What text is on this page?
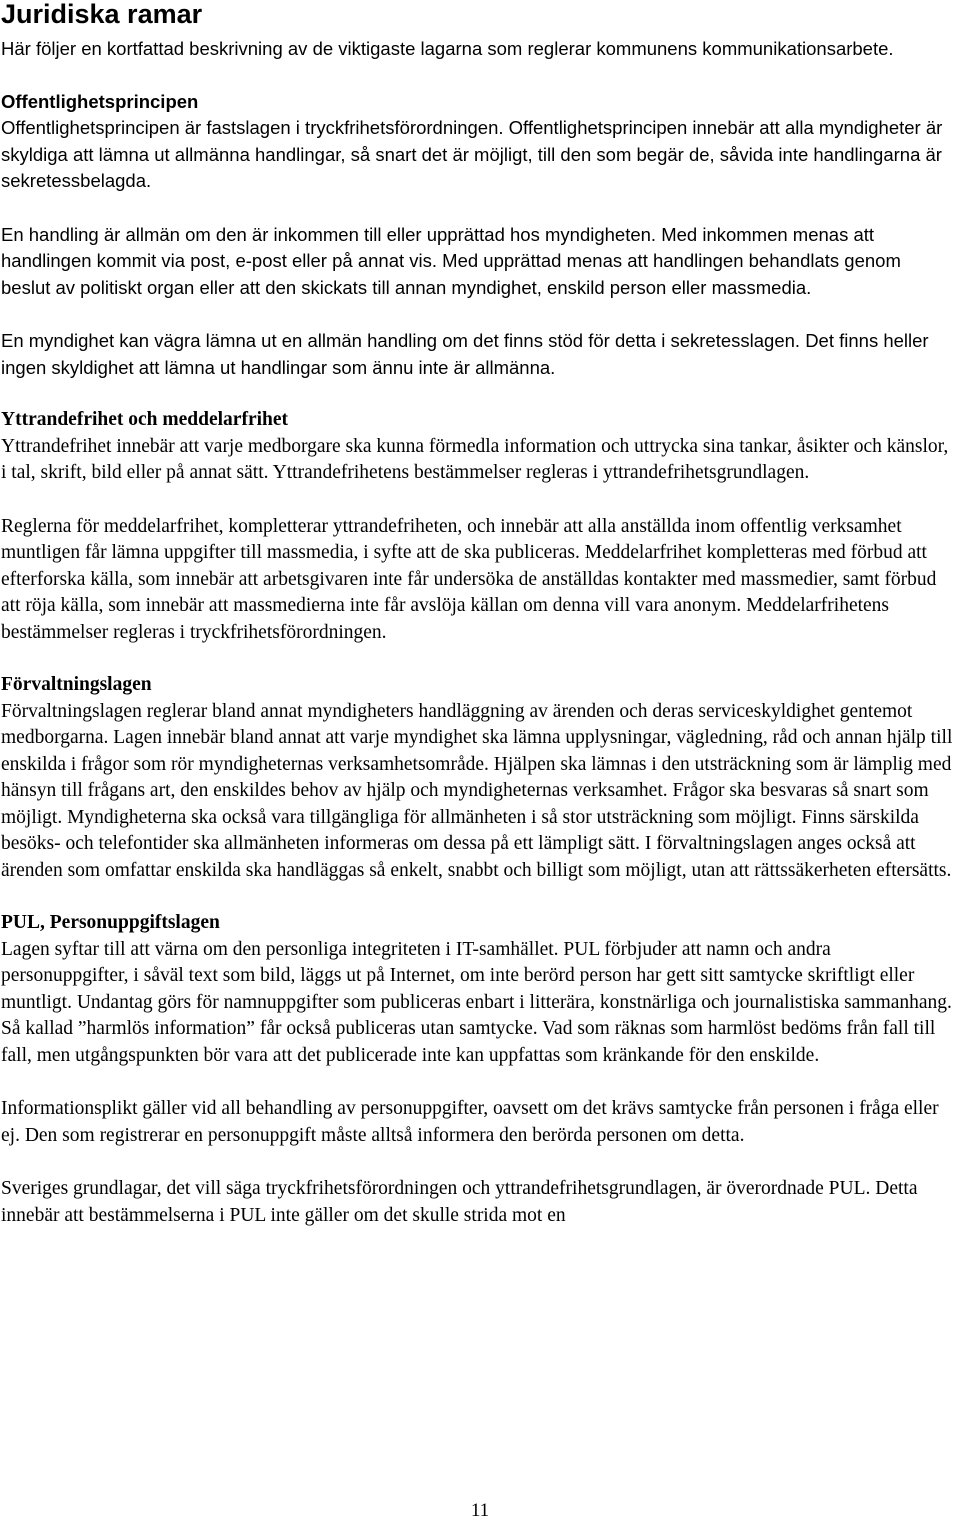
Juridiska ramar

Här följer en kortfattad beskrivning av de viktigaste lagarna som reglerar kommunens kommunikationsarbete.

Offentlighetsprincipen

Offentlighetsprincipen är fastslagen i tryckfrihetsförordningen. Offentlighetsprincipen innebär att alla myndigheter är skyldiga att lämna ut allmänna handlingar, så snart det är möjligt, till den som begär de, såvida inte handlingarna är sekretessbelagda.

En handling är allmän om den är inkommen till eller upprättad hos myndigheten. Med inkommen menas att handlingen kommit via post, e-post eller på annat vis. Med upprättad menas att handlingen behandlats genom beslut av politiskt organ eller att den skickats till annan myndighet, enskild person eller massmedia.

En myndighet kan vägra lämna ut en allmän handling om det finns stöd för detta i sekretesslagen. Det finns heller ingen skyldighet att lämna ut handlingar som ännu inte är allmänna.

Yttrandefrihet och meddelarfrihet

Yttrandefrihet innebär att varje medborgare ska kunna förmedla information och uttrycka sina tankar, åsikter och känslor, i tal, skrift, bild eller på annat sätt. Yttrandefrihetens bestämmelser regleras i yttrandefrihetsgrundlagen.

Reglerna för meddelarfrihet, kompletterar yttrandefriheten, och innebär att alla anställda inom offentlig verksamhet muntligen får lämna uppgifter till massmedia, i syfte att de ska publiceras. Meddelarfrihet kompletteras med förbud att efterforska källa, som innebär att arbetsgivaren inte får undersöka de anställdas kontakter med massmedier, samt förbud att röja källa, som innebär att massmedierna inte får avslöja källan om denna vill vara anonym. Meddelarfrihetens bestämmelser regleras i tryckfrihetsförordningen.

Förvaltningslagen

Förvaltningslagen reglerar bland annat myndigheters handläggning av ärenden och deras serviceskyldighet gentemot medborgarna. Lagen innebär bland annat att varje myndighet ska lämna upplysningar, vägledning, råd och annan hjälp till enskilda i frågor som rör myndigheternas verksamhetsområde. Hjälpen ska lämnas i den utsträckning som är lämplig med hänsyn till frågans art, den enskildes behov av hjälp och myndigheternas verksamhet. Frågor ska besvaras så snart som möjligt. Myndigheterna ska också vara tillgängliga för allmänheten i så stor utsträckning som möjligt. Finns särskilda besöks- och telefontider ska allmänheten informeras om dessa på ett lämpligt sätt. I förvaltningslagen anges också att ärenden som omfattar enskilda ska handläggas så enkelt, snabbt och billigt som möjligt, utan att rättssäkerheten eftersätts.

PUL, Personuppgiftslagen

Lagen syftar till att värna om den personliga integriteten i IT-samhället. PUL förbjuder att namn och andra personuppgifter, i såväl text som bild, läggs ut på Internet, om inte berörd person har gett sitt samtycke skriftligt eller muntligt. Undantag görs för namnuppgifter som publiceras enbart i litterära, konstnärliga och journalistiska sammanhang. Så kallad ”harmlös information” får också publiceras utan samtycke. Vad som räknas som harmlöst bedöms från fall till fall, men utgångspunkten bör vara att det publicerade inte kan uppfattas som kränkande för den enskilde.

Informationsplikt gäller vid all behandling av personuppgifter, oavsett om det krävs samtycke från personen i fråga eller ej. Den som registrerar en personuppgift måste alltså informera den berörda personen om detta.

Sveriges grundlagar, det vill säga tryckfrihetsförordningen och yttrandefrihetsgrundlagen, är överordnade PUL. Detta innebär att bestämmelserna i PUL inte gäller om det skulle strida mot en

11
